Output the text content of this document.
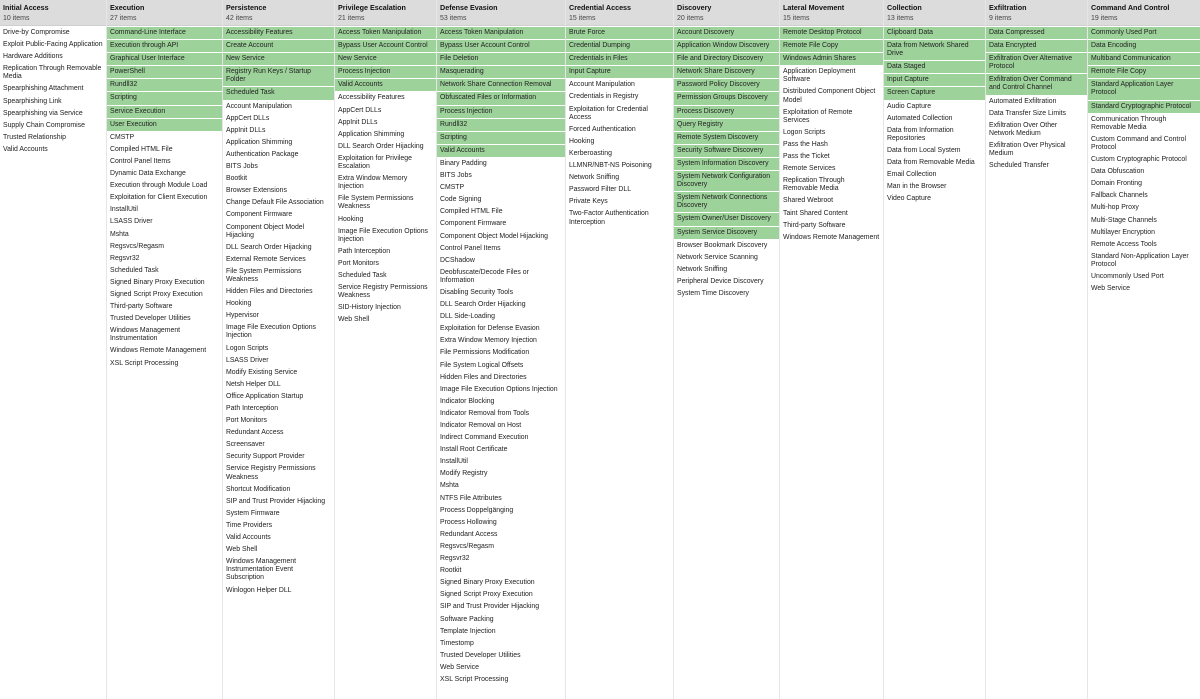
Initial Access
10 items
Drive-by Compromise
Exploit Public-Facing Application
Hardware Additions
Replication Through Removable Media
Spearphishing Attachment
Spearphishing Link
Spearphishing via Service
Supply Chain Compromise
Trusted Relationship
Valid Accounts
Execution
27 items
Command-Line Interface
Execution through API
Graphical User Interface
PowerShell
Rundll32
Scripting
Service Execution
User Execution
CMSTP
Compiled HTML File
Control Panel Items
Dynamic Data Exchange
Execution through Module Load
Exploitation for Client Execution
InstallUtil
LSASS Driver
Mshta
Regsvcs/Regasm
Regsvr32
Scheduled Task
Signed Binary Proxy Execution
Signed Script Proxy Execution
Third-party Software
Trusted Developer Utilities
Windows Management Instrumentation
Windows Remote Management
XSL Script Processing
Persistence
42 items
Accessibility Features
Create Account
New Service
Registry Run Keys / Startup Folder
Scheduled Task
Account Manipulation
AppCert DLLs
AppInit DLLs
Application Shimming
Authentication Package
BITS Jobs
Bootkit
Browser Extensions
Change Default File Association
Component Firmware
Component Object Model Hijacking
DLL Search Order Hijacking
External Remote Services
File System Permissions Weakness
Hidden Files and Directories
Hooking
Hypervisor
Image File Execution Options Injection
Logon Scripts
LSASS Driver
Modify Existing Service
Netsh Helper DLL
Office Application Startup
Path Interception
Port Monitors
Redundant Access
Screensaver
Security Support Provider
Service Registry Permissions Weakness
Shortcut Modification
SIP and Trust Provider Hijacking
System Firmware
Time Providers
Valid Accounts
Web Shell
Windows Management Instrumentation Event Subscription
Winlogon Helper DLL
Privilege Escalation
21 items
Access Token Manipulation
Bypass User Account Control
New Service
Process Injection
Valid Accounts
Accessibility Features
AppCert DLLs
AppInit DLLs
Application Shimming
DLL Search Order Hijacking
Exploitation for Privilege Escalation
Extra Window Memory Injection
File System Permissions Weakness
Hooking
Image File Execution Options Injection
Path Interception
Port Monitors
Scheduled Task
Service Registry Permissions Weakness
SID-History Injection
Web Shell
Defense Evasion
53 items
Access Token Manipulation
Bypass User Account Control
File Deletion
Masquerading
Network Share Connection Removal
Obfuscated Files or Information
Process Injection
Rundll32
Scripting
Valid Accounts
Binary Padding
BITS Jobs
CMSTP
Code Signing
Compiled HTML File
Component Firmware
Component Object Model Hijacking
Control Panel Items
DCShadow
Deobfuscate/Decode Files or Information
Disabling Security Tools
DLL Search Order Hijacking
DLL Side-Loading
Exploitation for Defense Evasion
Extra Window Memory Injection
File Permissions Modification
File System Logical Offsets
Hidden Files and Directories
Image File Execution Options Injection
Indicator Blocking
Indicator Removal from Tools
Indicator Removal on Host
Indirect Command Execution
Install Root Certificate
InstallUtil
Modify Registry
Mshta
NTFS File Attributes
Process Doppelgänging
Process Hollowing
Redundant Access
Regsvcs/Regasm
Regsvr32
Rootkit
Signed Binary Proxy Execution
Signed Script Proxy Execution
SIP and Trust Provider Hijacking
Software Packing
Template Injection
Timestomp
Trusted Developer Utilities
Web Service
XSL Script Processing
Credential Access
15 items
Brute Force
Credential Dumping
Credentials in Files
Input Capture
Account Manipulation
Credentials in Registry
Exploitation for Credential Access
Forced Authentication
Hooking
Kerberoasting
LLMNR/NBT-NS Poisoning
Network Sniffing
Password Filter DLL
Private Keys
Two-Factor Authentication Interception
Discovery
20 items
Account Discovery
Application Window Discovery
File and Directory Discovery
Network Share Discovery
Password Policy Discovery
Permission Groups Discovery
Process Discovery
Query Registry
Remote System Discovery
Security Software Discovery
System Information Discovery
System Network Configuration Discovery
System Network Connections Discovery
System Owner/User Discovery
System Service Discovery
Browser Bookmark Discovery
Network Service Scanning
Network Sniffing
Peripheral Device Discovery
System Time Discovery
Lateral Movement
15 items
Remote Desktop Protocol
Remote File Copy
Windows Admin Shares
Application Deployment Software
Distributed Component Object Model
Exploitation of Remote Services
Logon Scripts
Pass the Hash
Pass the Ticket
Remote Services
Replication Through Removable Media
Shared Webroot
Taint Shared Content
Third-party Software
Windows Remote Management
Collection
13 items
Clipboard Data
Data from Network Shared Drive
Data Staged
Input Capture
Screen Capture
Audio Capture
Automated Collection
Data from Information Repositories
Data from Local System
Data from Removable Media
Email Collection
Man in the Browser
Video Capture
Exfiltration
9 items
Data Compressed
Data Encrypted
Exfiltration Over Alternative Protocol
Exfiltration Over Command and Control Channel
Automated Exfiltration
Data Transfer Size Limits
Exfiltration Over Other Network Medium
Exfiltration Over Physical Medium
Scheduled Transfer
Command And Control
19 items
Commonly Used Port
Data Encoding
Multiband Communication
Remote File Copy
Standard Application Layer Protocol
Standard Cryptographic Protocol
Communication Through Removable Media
Custom Command and Control Protocol
Custom Cryptographic Protocol
Data Obfuscation
Domain Fronting
Fallback Channels
Multi-hop Proxy
Multi-Stage Channels
Multilayer Encryption
Remote Access Tools
Standard Non-Application Layer Protocol
Uncommonly Used Port
Web Service
